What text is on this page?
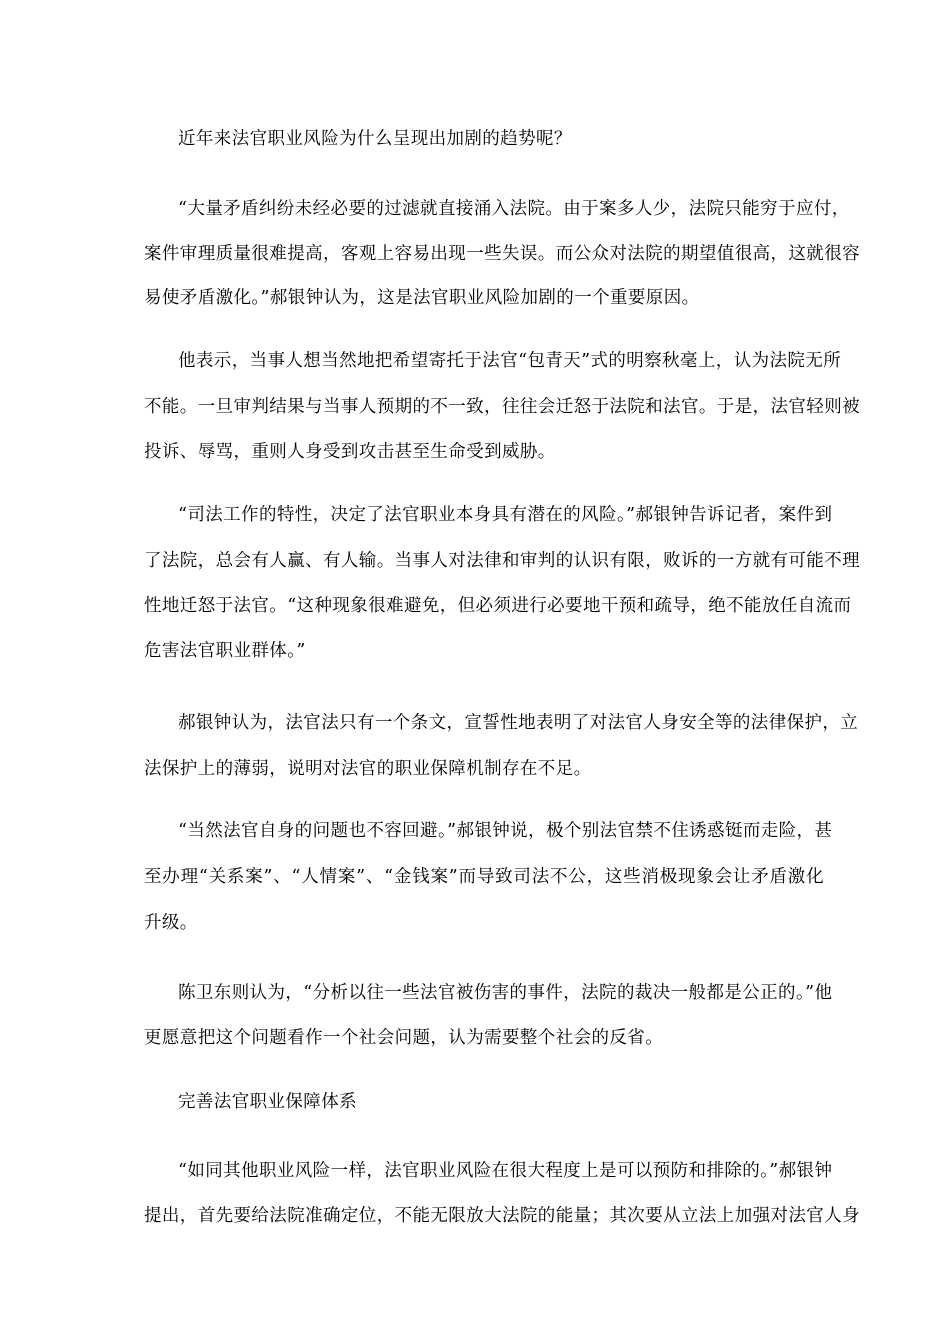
近年来法官职业风险为什么呈现出加剧的趋势呢？
“大量矛盾纠纷未经必要的过滤就直接涌入法院。由于案多人少，法院只能穷于应付，
案件审理质量很难提高，客观上容易出现一些失误。而公众对法院的期望值很高，这就很容
易使矛盾激化。”郝银钟认为，这是法官职业风险加剧的一个重要原因。
他表示，当事人想当然地把希望寄托于法官“包青天”式的明察秋毫上，认为法院无所
不能。一旦审判结果与当事人预期的不一致，往往会迁怒于法院和法官。于是，法官轻则被
投诉、辱骂，重则人身受到攻击甚至生命受到威胁。
“司法工作的特性，决定了法官职业本身具有潜在的风险。”郝银钟告诉记者，案件到
了法院，总会有人赢、有人输。当事人对法律和审判的认识有限，败诉的一方就有可能不理
性地迁怒于法官。“这种现象很难避免，但必须进行必要地干预和疏导，绝不能放任自流而
危害法官职业群体。”
郝银钟认为，法官法只有一个条文，宣誓性地表明了对法官人身安全等的法律保护，立
法保护上的薄弱，说明对法官的职业保障机制存在不足。
“当然法官自身的问题也不容回避。”郝银钟说，极个别法官禁不住诱惑铤而走险，甚
至办理“关系案”、“人情案”、“金钱案”而导致司法不公，这些消极现象会让矛盾激化
升级。
陈卫东则认为，“分析以往一些法官被伤害的事件，法院的裁决一般都是公正的。”他
更愿意把这个问题看作一个社会问题，认为需要整个社会的反省。
完善法官职业保障体系
“如同其他职业风险一样，法官职业风险在很大程度上是可以预防和排除的。”郝银钟
提出，首先要给法院准确定位，不能无限放大法院的能量；其次要从立法上加强对法官人身
